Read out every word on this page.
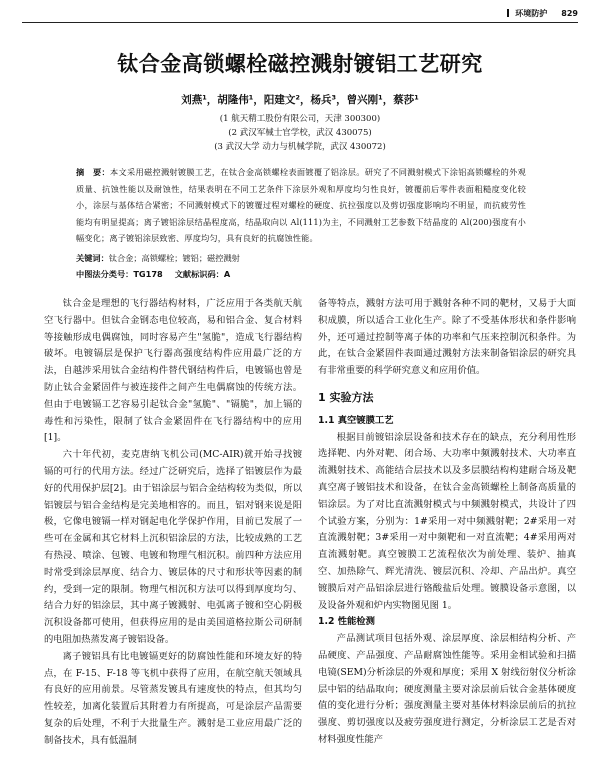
环境防护 829
钛合金高锁螺栓磁控溅射镀铝工艺研究
刘燕¹，胡隆伟¹，阳建文²，杨兵³，曾兴刚¹，蔡莎¹
(1 航天精工股份有限公司，天津 300300)
(2 武汉军械士官学校，武汉 430075)
(3 武汉大学 动力与机械学院，武汉 430072)
摘　要：本文采用磁控溅射镀膜工艺，在钛合金高锁螺栓表面镀覆了铝涂层。研究了不同溅射模式下涂铝高锁螺栓的外观质量、抗蚀性能以及耐蚀性，结果表明在不同工艺条件下涂层外观和厚度均匀性良好，镀覆前后零件表面粗糙度变化较小，涂层与基体结合紧密；不同溅射模式下的镀覆过程对螺栓的硬度、抗拉强度以及剪切强度影响均不明显，而抗疲劳性能均有明显提高；离子镀铝涂层结晶程度高，结晶取向以 Al(111)为主，不同溅射工艺参数下结晶度的 Al(200)强度有小幅变化；离子镀铝涂层致密、厚度均匀，具有良好的抗腐蚀性能。
关键词：钛合金；高锁螺栓；镀铝；磁控溅射
中图法分类号：TG178 文献标识码：A

钛合金是理想的飞行器结构材料，广泛应用于各类航天航空飞行器中。但钛合金钢态电位较高，易和铝合金、复合材料等接触形成电偶腐蚀，同时容易产生"氢脆"，造成飞行器结构破坏。电镀镉层是保护飞行器高强度结构件应用最广泛的方法，自越涉采用钛合金结构件替代钢结构件后，电镀镉也曾是防止钛合金紧固件与被连接件之间产生电偶腐蚀的传统方法。但由于电镀镉工艺容易引起钛合金"氢脆"、"镉脆"，加上镉的毒性和污染性，限制了钛合金紧固件在飞行器结构中的应用[1]。

六十年代初，麦克唐纳飞机公司(MC-AIR)就开始寻找镀镉的可行的代用方法。经过广泛研究后，选择了铝镀层作为最好的代用保护层[2]。由于铝涂层与铝合金结构较为类似，所以铝镀层与铝合金结构是完美地相容的。而且，铝对钢来说是阳极，它像电镀镉一样对钢起电化学保护作用，目前已发展了一些可在金属和其它材料上沉积铝涂层的方法，比较成熟的工艺有热浸、喷涂、包镀、电镀和物理气相沉积。前四种方法应用时常受到涂层厚度、结合力、镀层体的尺寸和形状等因素的制约，受到一定的限制。物理气相沉积方法可以得到厚度均匀、结合力好的铝涂层，其中离子镀溅射、电弧离子镀和空心阴极沉积设备都可使用，但获得应用的是由美国道格拉斯公司研制的电阻加热蒸发离子镀铝设备。

离子镀铝具有比电镀镉更好的防腐蚀性能和环境友好的特点，在 F-15、F-18 等飞机中获得了应用，在航空航天领域具有良好的应用前景。尽管蒸发镀具有速度快的特点，但其均匀性较差，加离化装置后其附着力有所提高，可是涂层产品需要复杂的后处理，不利于大批量生产。溅射是工业应用最广泛的制备技术，具有低温制

备等特点，溅射方法可用于溅射各种不同的靶材，又易于大面积成膜，所以适合工业化生产。除了不受基体形状和条件影响外，还可通过控制等离子体的功率和气压来控制沉积条件。为此，在钛合金紧固件表面通过溅射方法来制备铝涂层的研究具有非常重要的科学研究意义和应用价值。

1 实验方法
1.1 真空镀膜工艺

根据目前镀铝涂层设备和技术存在的缺点，充分利用性形选择靶、内外对靶、闭合场、大功率中频溅射技术、大功率直流溅射技术、高能结合层技术以及多层膜结构构建耐合场及靶真空离子镀铝技术和设备，在钛合金高锁螺栓上制备高质量的铝涂层。为了对比直流溅射模式与中频溅射模式，共设计了四个试验方案，分别为：1#采用一对中频溅射靶；2#采用一对直流溅射靶；3#采用一对中频靶和一对直流靶；4#采用两对直流溅射靶。真空镀膜工艺流程依次为前处理、装炉、抽真空、加热除气、辉光清洗、镀层沉积、冷却、产品出炉。真空镀膜后对产品铝涂层进行铬酸盐后处理。镀膜设备示意图，以及设备外观和炉内实物图见图 1。

1.2 性能检测

产品测试项目包括外观、涂层厚度、涂层相结构分析、产品硬度、产品强度、产品耐腐蚀性能等。采用金相试验和扫描电镜(SEM)分析涂层的外观和厚度；采用 X 射线衍射仪分析涂层中铝的结晶取向；硬度测量主要对涂层前后钛合金基体硬度值的变化进行分析；强度测量主要对基体材料涂层前后的抗拉强度、剪切强度以及疲劳强度进行测定，分析涂层工艺是否对材料强度性能产
